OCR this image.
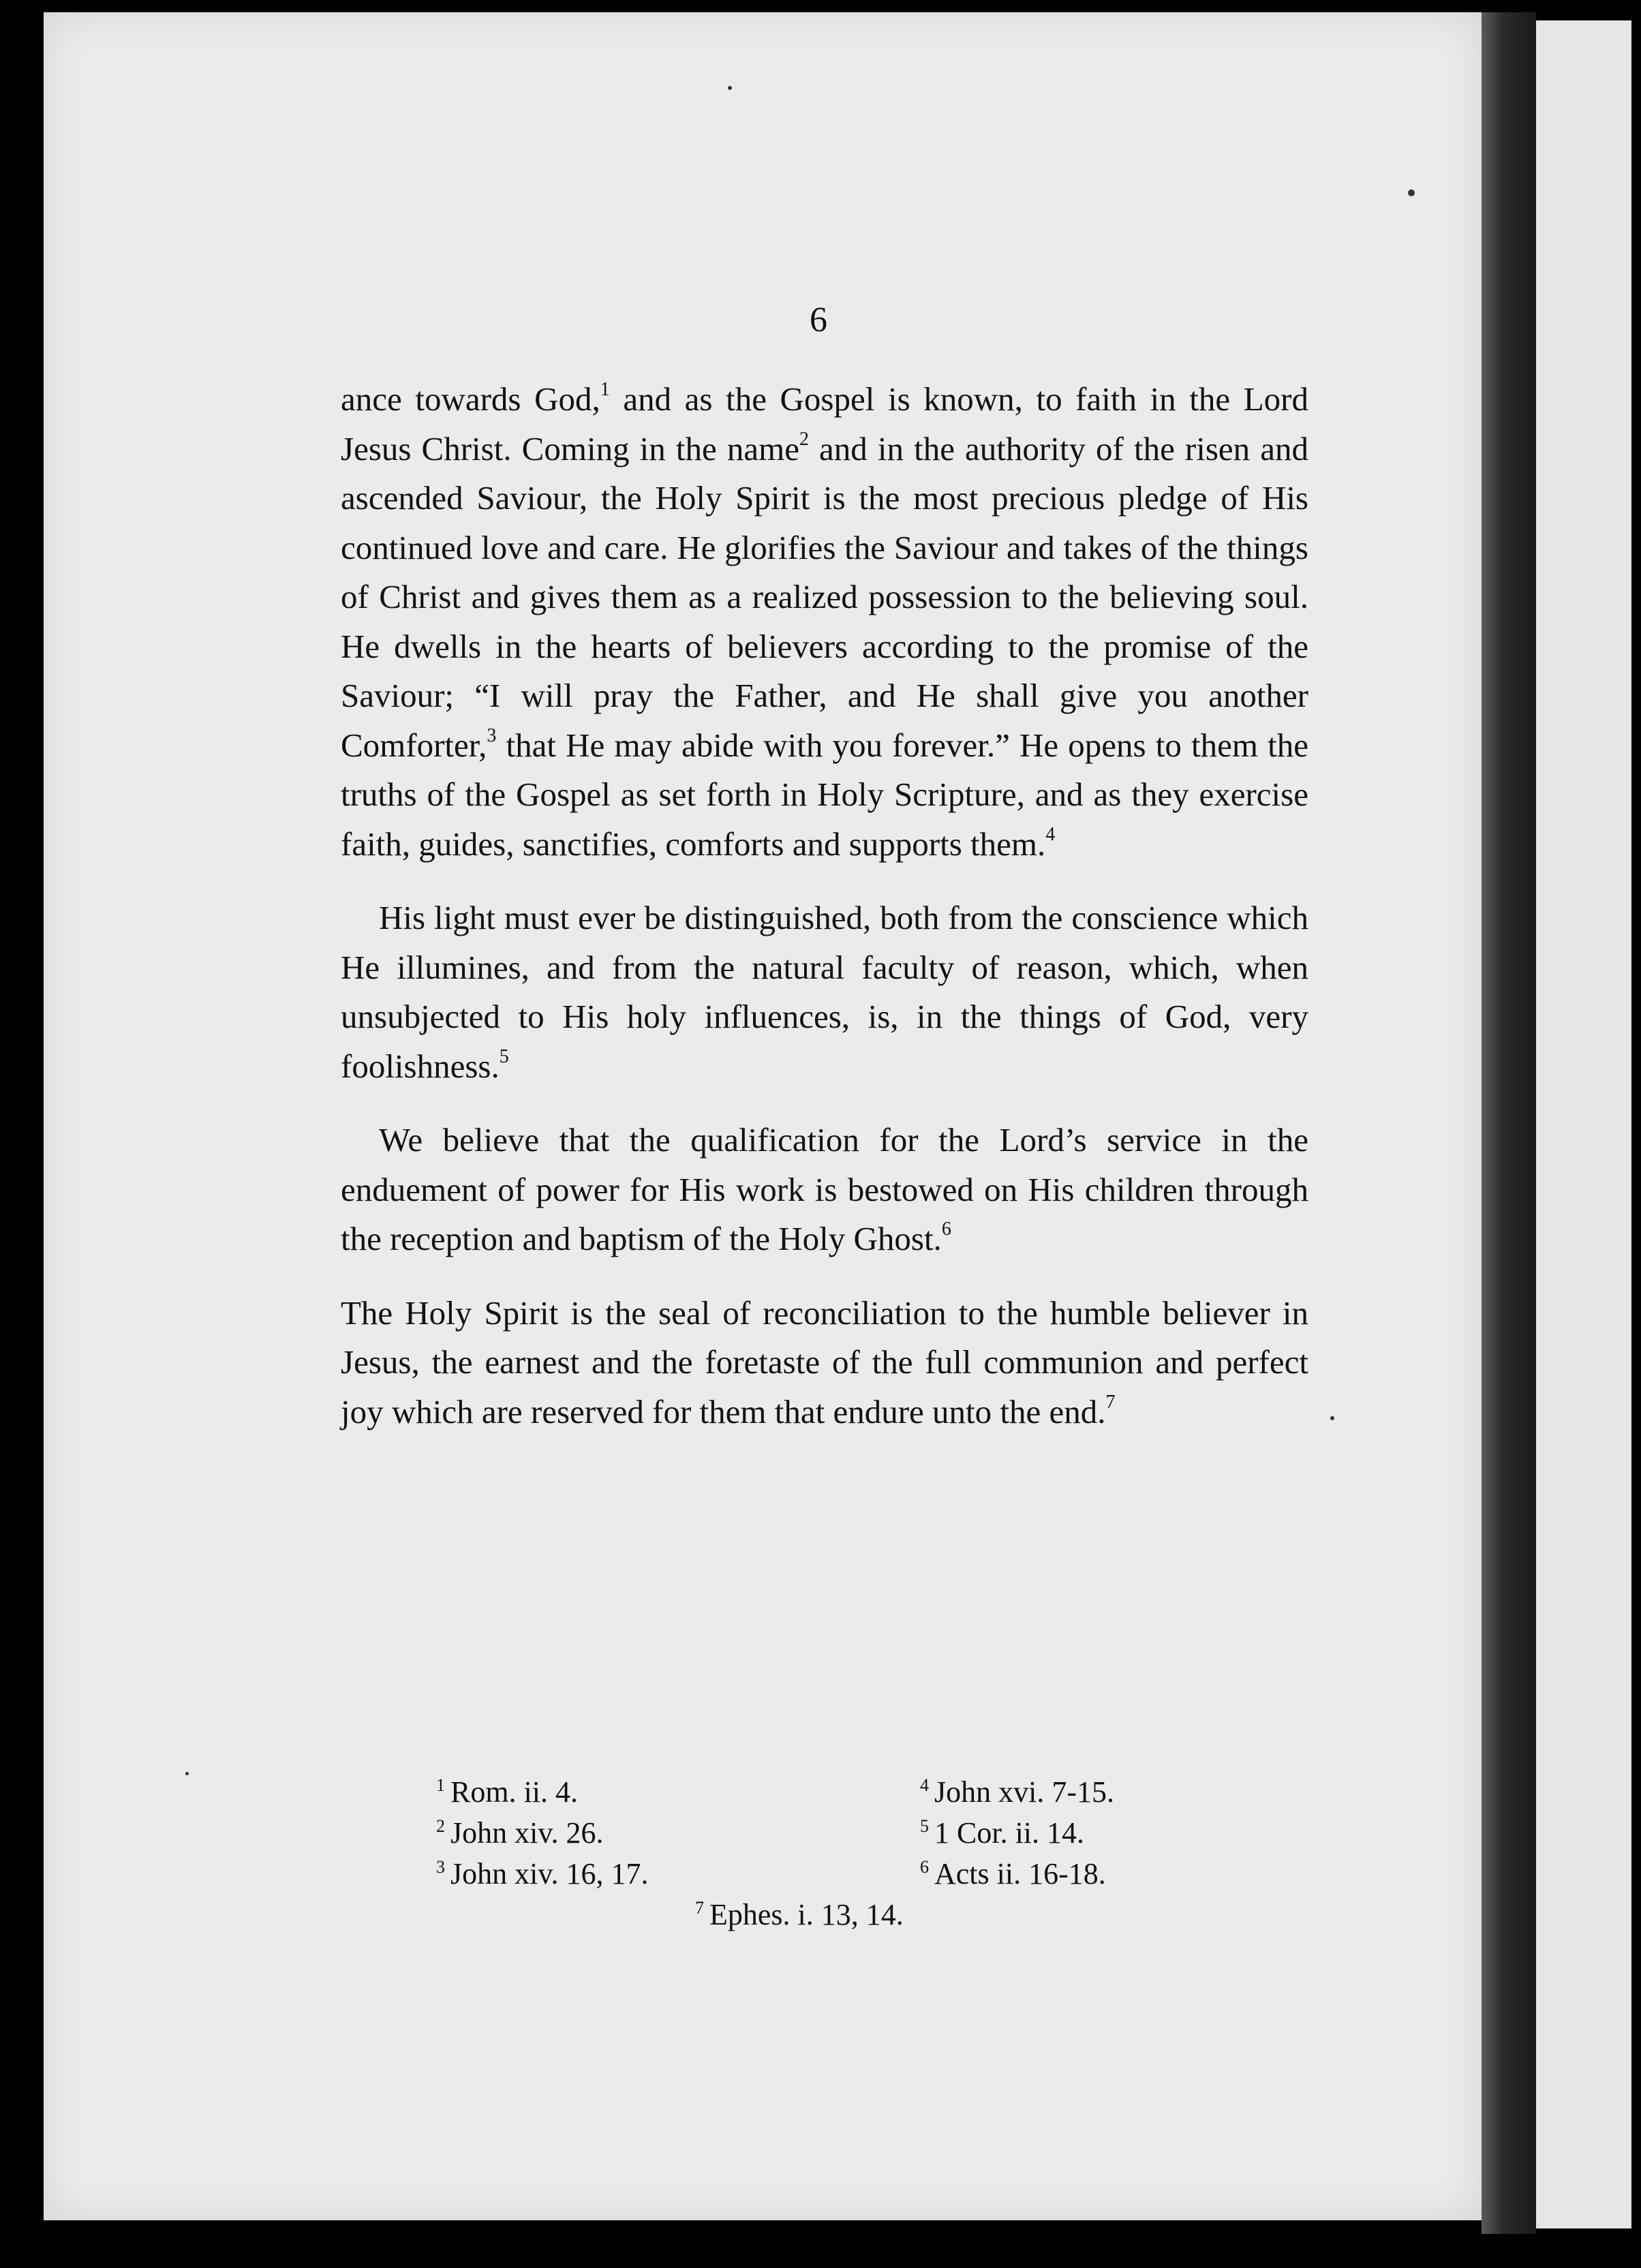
6

ance towards God,$^1$ and as the Gospel is known, to faith in the Lord Jesus Christ. Coming in the name$^2$ and in the authority of the risen and ascended Saviour, the Holy Spirit is the most precious pledge of His continued love and care. He glorifies the Saviour and takes of the things of Christ and gives them as a realized possession to the believing soul. He dwells in the hearts of believers according to the promise of the Saviour; “I will pray the Father, and He shall give you another Comforter,$^3$ that He may abide with you forever.” He opens to them the truths of the Gospel as set forth in Holy Scripture, and as they exercise faith, guides, sanctifies, comforts and supports them.$^4$

His light must ever be distinguished, both from the conscience which He illumines, and from the natural faculty of reason, which, when unsubjected to His holy influences, is, in the things of God, very foolishness.$^5$

We believe that the qualification for the Lord’s service in the enduement of power for His work is bestowed on His children through the reception and baptism of the Holy Ghost.$^6$

The Holy Spirit is the seal of reconciliation to the humble believer in Jesus, the earnest and the foretaste of the full communion and perfect joy which are reserved for them that endure unto the end.$^7$

$^1$ Rom. ii. 4.
$^2$ John xiv. 26.
$^3$ John xiv. 16, 17.
$^4$ John xvi. 7-15.
$^5$ 1 Cor. ii. 14.
$^6$ Acts ii. 16-18.
$^7$ Ephes. i. 13, 14.
